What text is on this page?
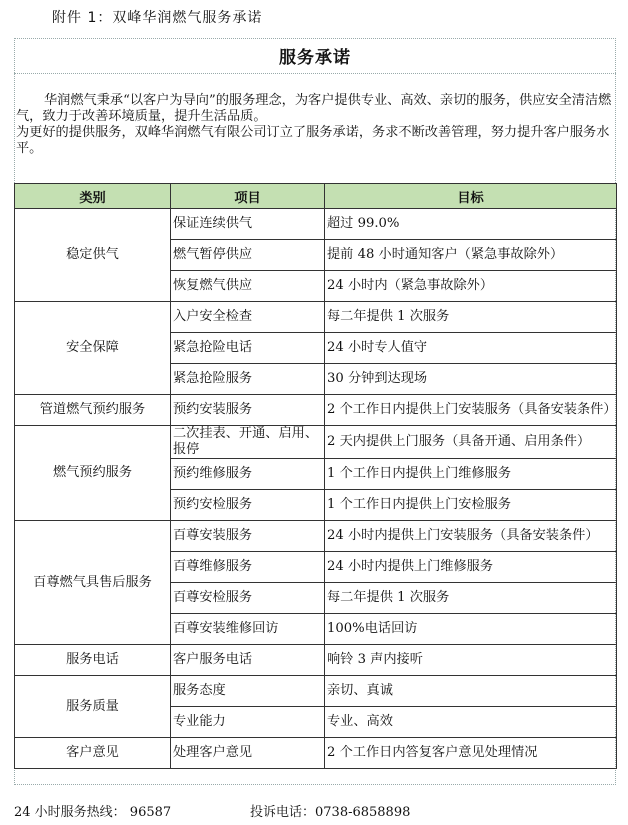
附件 1：双峰华润燃气服务承诺
服务承诺

华润燃气秉承“以客户为导向”的服务理念，为客户提供专业、高效、亲切的服务，供应安全清洁燃气，致力于改善环境质量，提升生活品质。

为更好的提供服务，双峰华润燃气有限公司订立了服务承诺，务求不断改善管理，努力提升客户服务水平。

类别	项目	目标
稳定供气	保证连续供气	超过 99.0%
	燃气暂停供应	提前 48 小时通知客户（紧急事故除外）
	恢复燃气供应	24 小时内（紧急事故除外）
安全保障	入户安全检查	每二年提供 1 次服务
	紧急抢险电话	24 小时专人值守
	紧急抢险服务	30 分钟到达现场
管道燃气预约服务	预约安装服务	2 个工作日内提供上门安装服务（具备安装条件）
燃气预约服务	二次挂表、开通、启用、报停	2 天内提供上门服务（具备开通、启用条件）
	预约维修服务	1 个工作日内提供上门维修服务
	预约安检服务	1 个工作日内提供上门安检服务
百尊燃气具售后服务	百尊安装服务	24 小时内提供上门安装服务（具备安装条件）
	百尊维修服务	24 小时内提供上门维修服务
	百尊安检服务	每二年提供 1 次服务
	百尊安装维修回访	100%电话回访
服务电话	客户服务电话	响铃 3 声内接听
服务质量	服务态度	亲切、真诚
	专业能力	专业、高效
客户意见	处理客户意见	2 个工作日内答复客户意见处理情况
24 小时服务热线： 96587	投诉电话：0738-6858898
